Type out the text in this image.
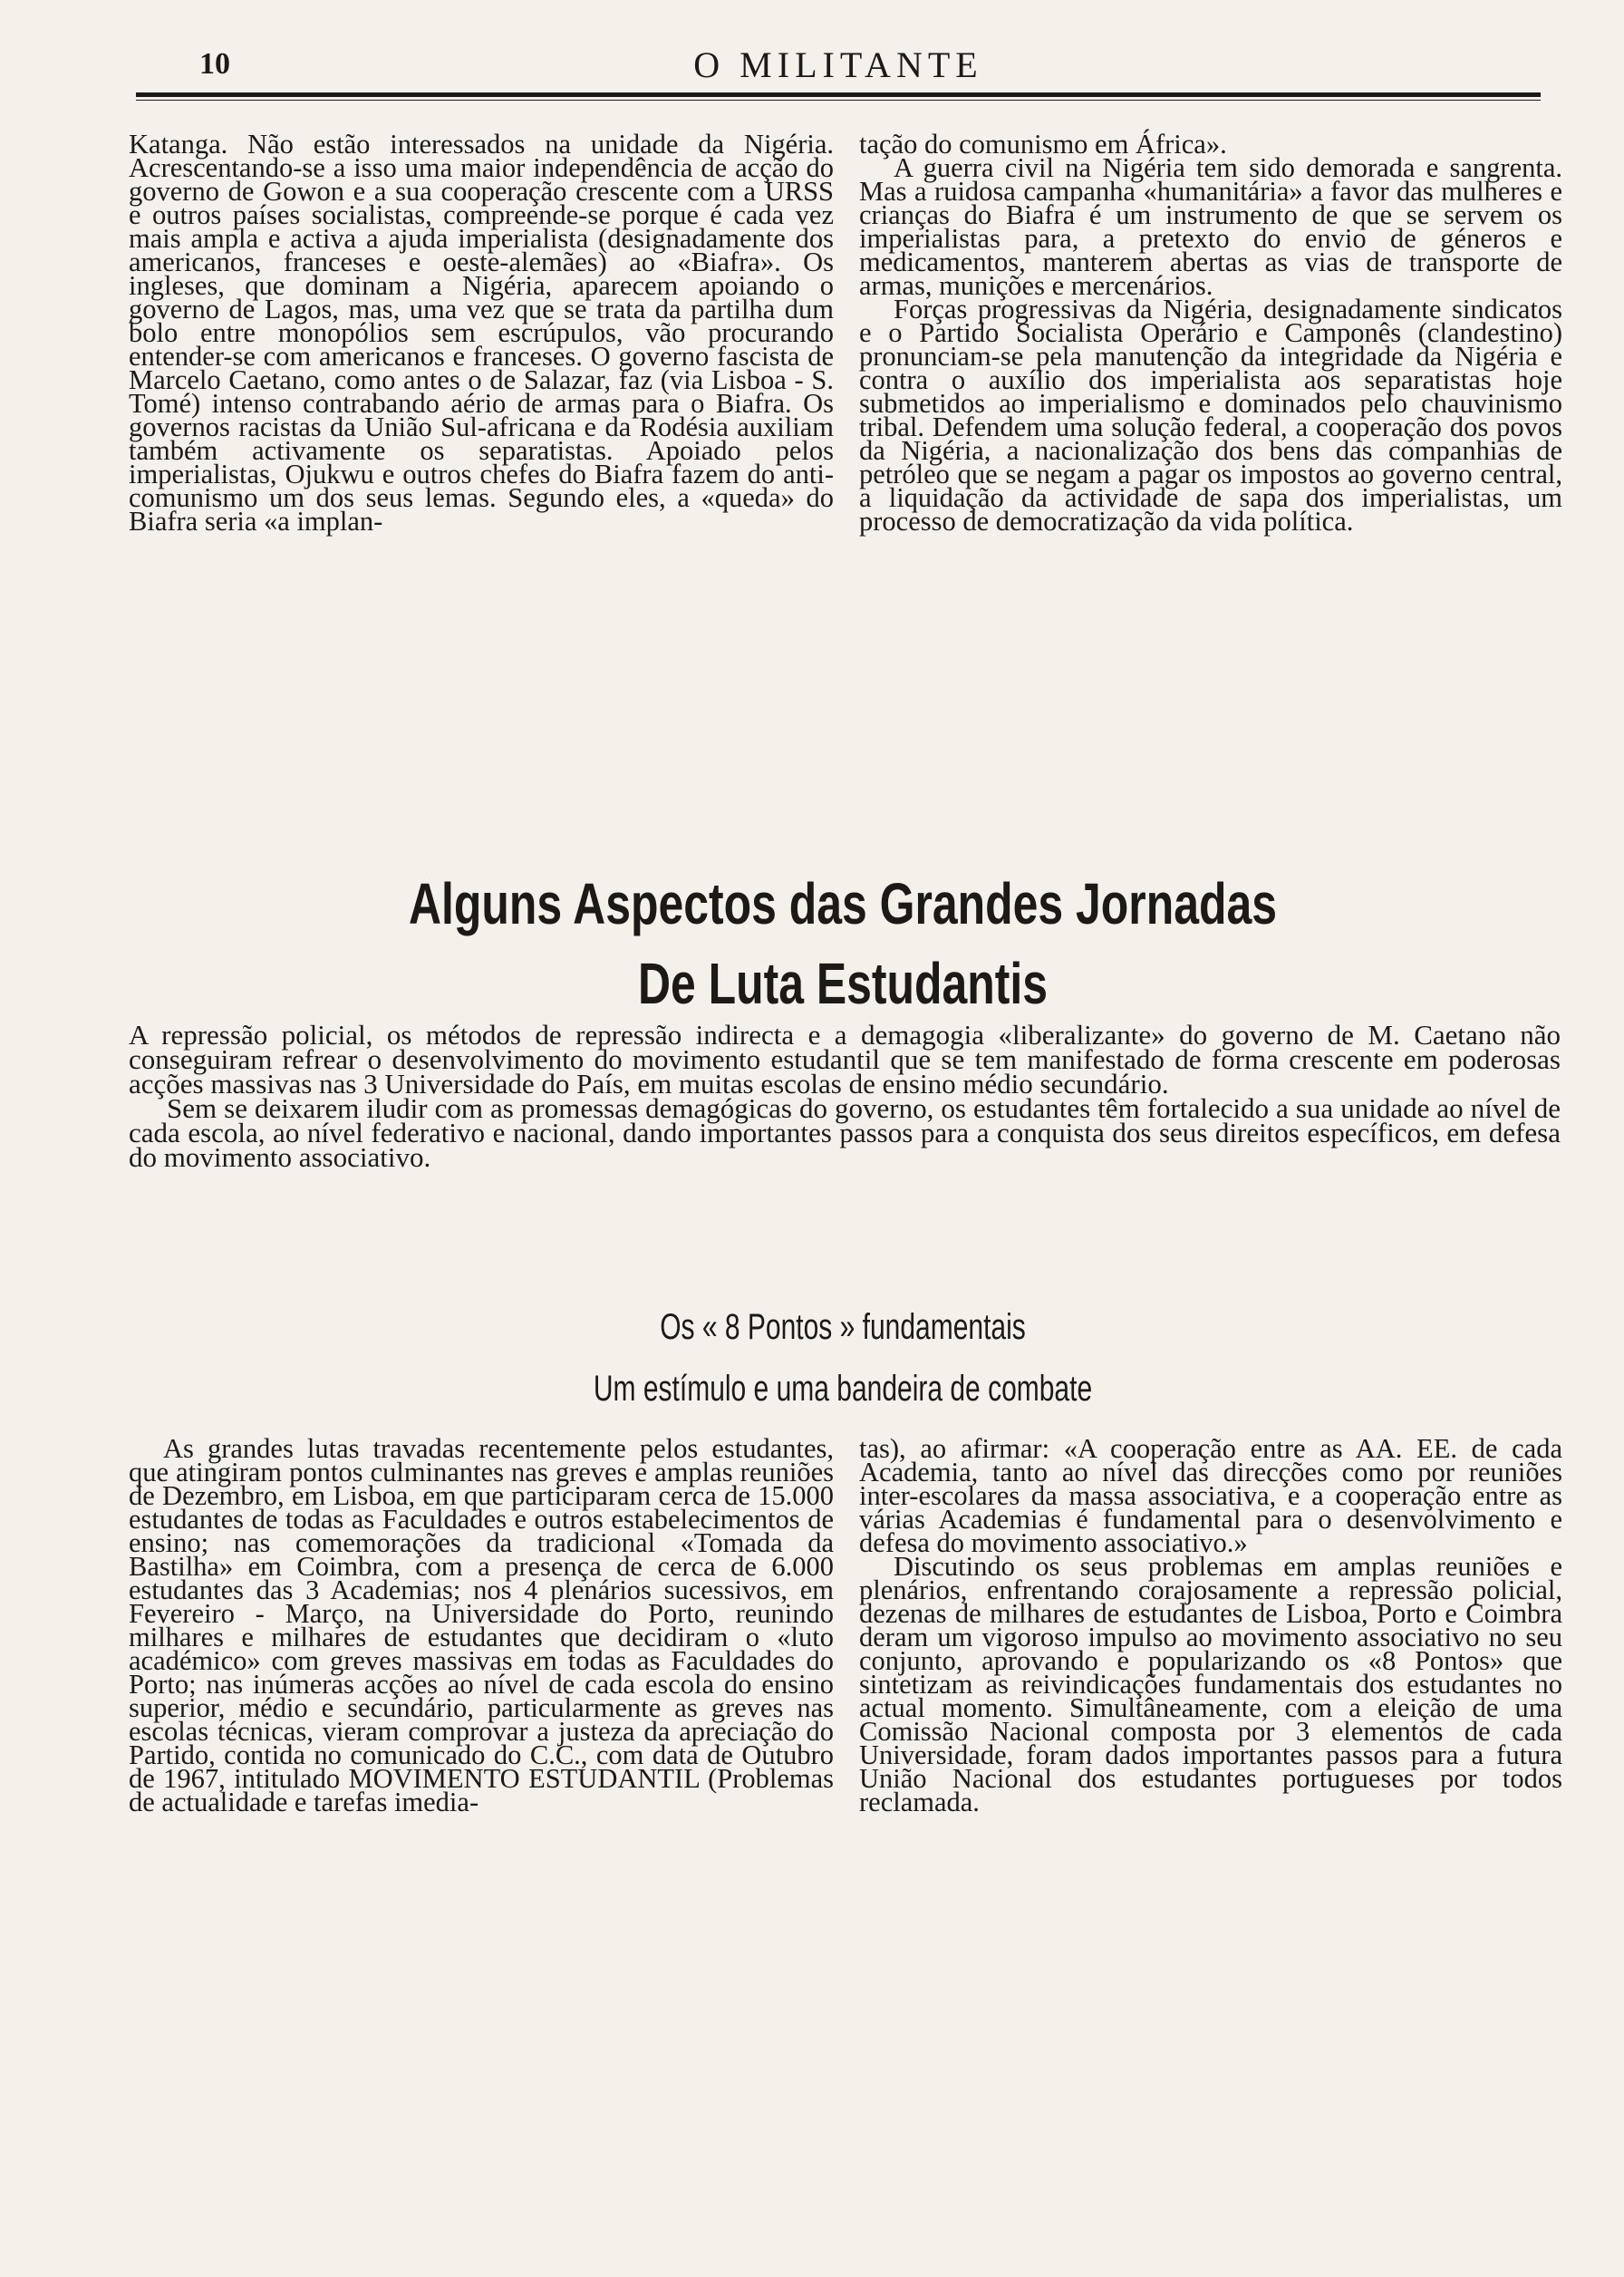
10	O MILITANTE

Katanga. Não estão interessados na unidade da Nigéria. Acrescentando-se a isso uma maior independência de acção do governo de Gowon e a sua cooperação crescente com a URSS e outros países socialistas, compreende-se porque é cada vez mais ampla e activa a ajuda imperialista (designadamente dos americanos, franceses e oeste-alemães) ao «Biafra». Os ingleses, que dominam a Nigéria, aparecem apoiando o governo de Lagos, mas, uma vez que se trata da partilha dum bolo entre monopólios sem escrúpulos, vão procurando entender-se com americanos e franceses. O governo fascista de Marcelo Caetano, como antes o de Salazar, faz (via Lisboa - S. Tomé) intenso contrabando aério de armas para o Biafra. Os governos racistas da União Sul-africana e da Rodésia auxiliam também activamente os separatistas. Apoiado pelos imperialistas, Ojukwu e outros chefes do Biafra fazem do anti-comunismo um dos seus lemas. Segundo eles, a «queda» do Biafra seria «a implan-

tação do comunismo em África».

A guerra civil na Nigéria tem sido demorada e sangrenta. Mas a ruidosa campanha «humanitária» a favor das mulheres e crianças do Biafra é um instrumento de que se servem os imperialistas para, a pretexto do envio de géneros e medicamentos, manterem abertas as vias de transporte de armas, munições e mercenários.

Forças progressivas da Nigéria, designadamente sindicatos e o Partido Socialista Operário e Camponês (clandestino) pronunciam-se pela manutenção da integridade da Nigéria e contra o auxílio dos imperialista aos separatistas hoje submetidos ao imperialismo e dominados pelo chauvinismo tribal. Defendem uma solução federal, a cooperação dos povos da Nigéria, a nacionalização dos bens das companhias de petróleo que se negam a pagar os impostos ao governo central, a liquidação da actividade de sapa dos imperialistas, um processo de democratização da vida política.

Alguns Aspectos das Grandes Jornadas
De Luta Estudantis

A repressão policial, os métodos de repressão indirecta e a demagogia «liberalizante» do governo de M. Caetano não conseguiram refrear o desenvolvimento do movimento estudantil que se tem manifestado de forma crescente em poderosas acções massivas nas 3 Universidade do País, em muitas escolas de ensino médio secundário.

Sem se deixarem iludir com as promessas demagógicas do governo, os estudantes têm fortalecido a sua unidade ao nível de cada escola, ao nível federativo e nacional, dando importantes passos para a conquista dos seus direitos específicos, em defesa do movimento associativo.

Os « 8 Pontos » fundamentais
Um estímulo e uma bandeira de combate

As grandes lutas travadas recentemente pelos estudantes, que atingiram pontos culminantes nas greves e amplas reuniões de Dezembro, em Lisboa, em que participaram cerca de 15.000 estudantes de todas as Faculdades e outros estabelecimentos de ensino; nas comemorações da tradicional «Tomada da Bastilha» em Coimbra, com a presença de cerca de 6.000 estudantes das 3 Academias; nos 4 plenários sucessivos, em Fevereiro - Março, na Universidade do Porto, reunindo milhares e milhares de estudantes que decidiram o «luto académico» com greves massivas em todas as Faculdades do Porto; nas inúmeras acções ao nível de cada escola do ensino superior, médio e secundário, particularmente as greves nas escolas técnicas, vieram comprovar a justeza da apreciação do Partido, contida no comunicado do C.C., com data de Outubro de 1967, intitulado MOVIMENTO ESTUDANTIL (Problemas de actualidade e tarefas imedia-

tas), ao afirmar: «A cooperação entre as AA. EE. de cada Academia, tanto ao nível das direcções como por reuniões inter-escolares da massa associativa, e a cooperação entre as várias Academias é fundamental para o desenvolvimento e defesa do movimento associativo.»

Discutindo os seus problemas em amplas reuniões e plenários, enfrentando corajosamente a repressão policial, dezenas de milhares de estudantes de Lisboa, Porto e Coimbra deram um vigoroso impulso ao movimento associativo no seu conjunto, aprovando e popularizando os «8 Pontos» que sintetizam as reivindicações fundamentais dos estudantes no actual momento. Simultâneamente, com a eleição de uma Comissão Nacional composta por 3 elementos de cada Universidade, foram dados importantes passos para a futura União Nacional dos estudantes portugueses por todos reclamada.
